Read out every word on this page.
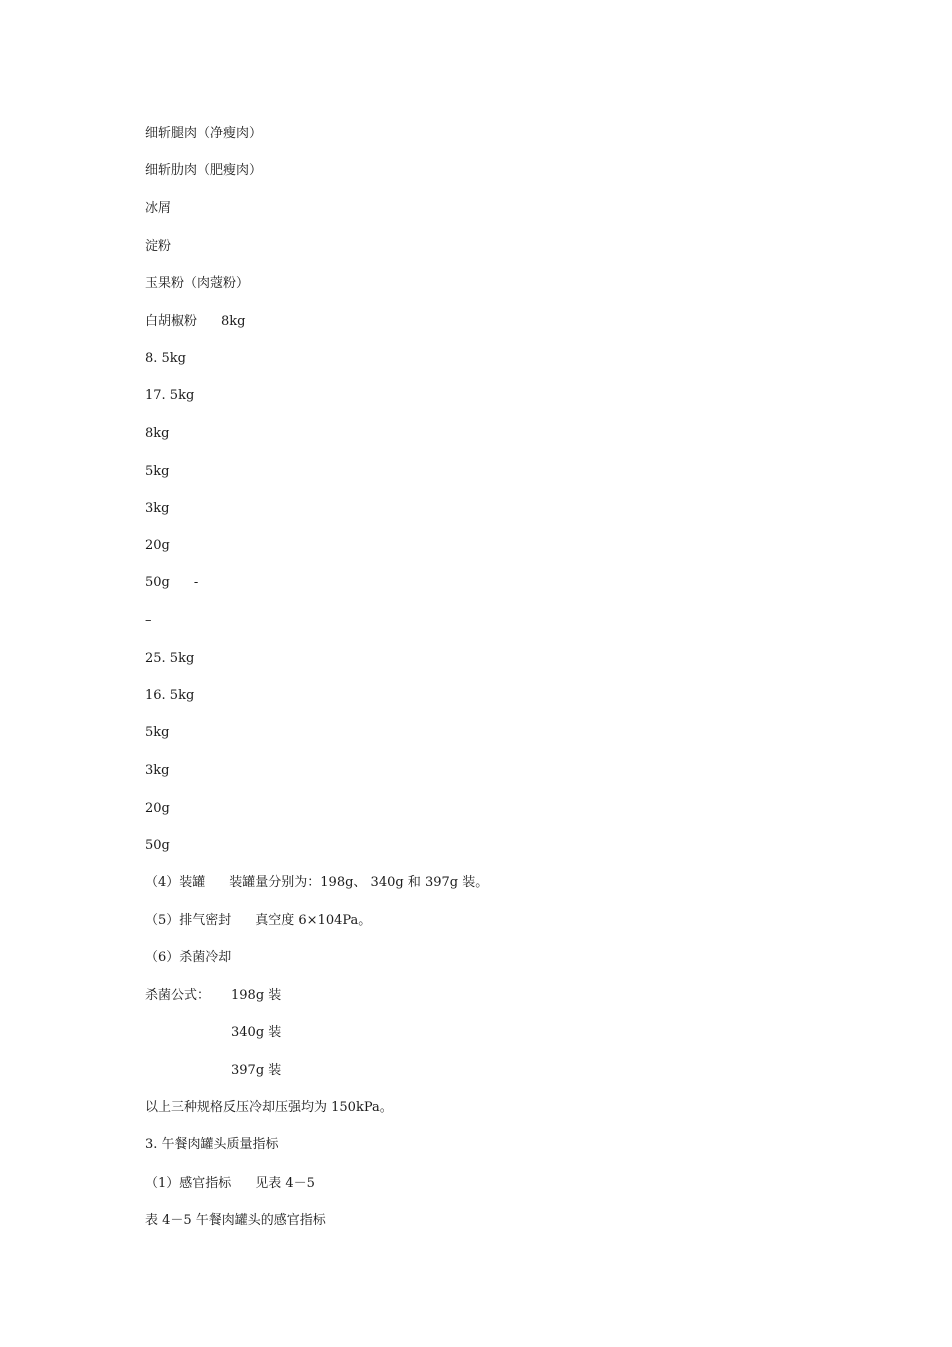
细斩腿肉（净瘦肉）
细斩肋肉（肥瘦肉）
冰屑
淀粉
玉果粉（肉蔻粉）
白胡椒粉 8kg
8. 5kg
17. 5kg
8kg
5kg
3kg
20g
50g -
–
25. 5kg
16. 5kg
5kg
3kg
20g
50g
（4）装罐 装罐量分别为：198g、 340g 和 397g 装。
（5）排气密封 真空度 6×104Pa。
（6）杀菌冷却
杀菌公式： 198g 装
340g 装
397g 装
以上三种规格反压冷却压强均为 150kPa。
3. 午餐肉罐头质量指标
（1）感官指标 见表 4－5
表 4－5 午餐肉罐头的感官指标
